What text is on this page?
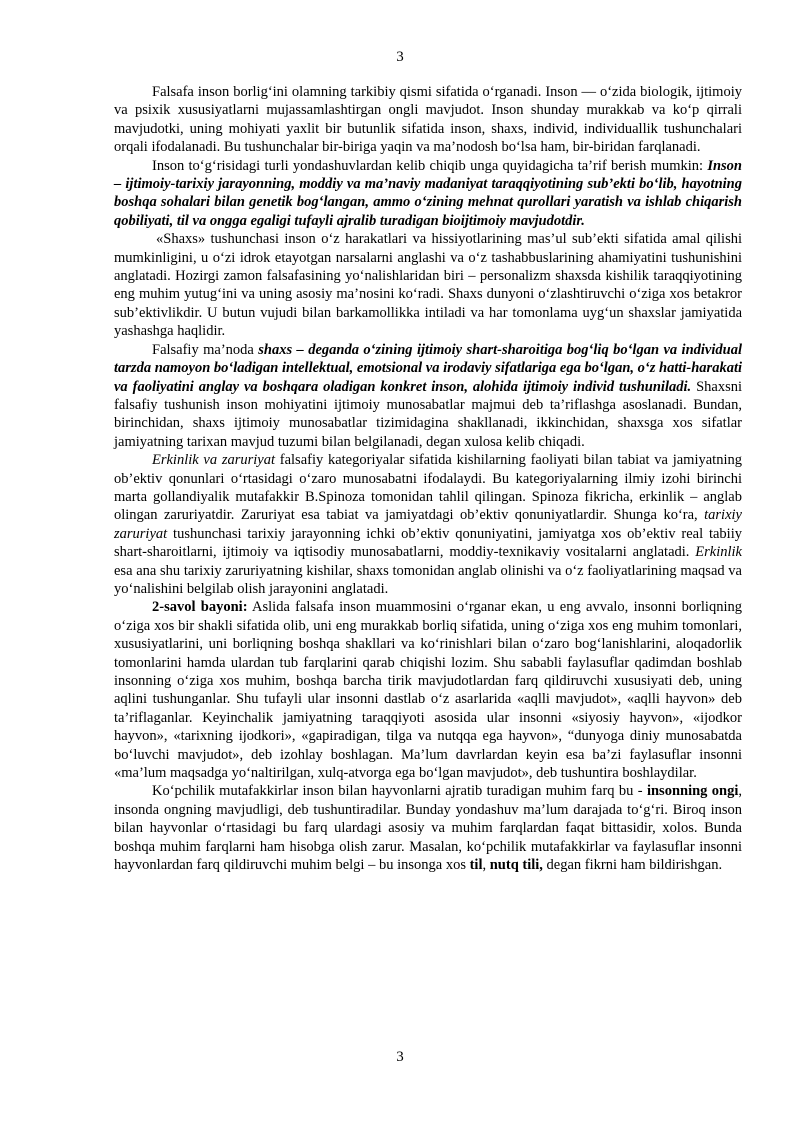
3

Falsafa inson borlig‘ini olamning tarkibiy qismi sifatida o‘rganadi. Inson — o‘zida biologik, ijtimoiy va psixik xususiyatlarni mujassamlashtirgan ongli mavjudot. Inson shunday murakkab va ko‘p qirrali mavjudotki, uning mohiyati yaxlit bir butunlik sifatida inson, shaxs, individ, individuallik tushunchalari orqali ifodalanadi. Bu tushunchalar bir-biriga yaqin va ma’nodosh bo‘lsa ham, bir-biridan farqlanadi.

Inson to‘g‘risidagi turli yondashuvlardan kelib chiqib unga quyidagicha ta’rif berish mumkin: Inson – ijtimoiy-tarixiy jarayonning, moddiy va ma’naviy madaniyat taraqqiyotining sub’ekti bo‘lib, hayotning boshqa sohalari bilan genetik bog‘langan, ammo o‘zining mehnat qurollari yaratish va ishlab chiqarish qobiliyati, til va ongga egaligi tufayli ajralib turadigan bioijtimoiy mavjudotdir.

«Shaxs» tushunchasi inson o‘z harakatlari va hissiyotlarining mas’ul sub’ekti sifatida amal qilishi mumkinligini, u o‘zi idrok etayotgan narsalarni anglashi va o‘z tashabbuslarining ahamiyatini tushunishini anglatadi. Hozirgi zamon falsafasining yo‘nalishlaridan biri – personalizm shaxsda kishilik taraqqiyotining eng muhim yutug‘ini va uning asosiy ma’nosini ko‘radi. Shaxs dunyoni o‘zlashtiruvchi o‘ziga xos betakror sub’ektivlikdir. U butun vujudi bilan barkamollikka intiladi va har tomonlama uyg‘un shaxslar jamiyatida yashashga haqlidir.

Falsafiy ma’noda shaxs – deganda o‘zining ijtimoiy shart-sharoitiga bog‘liq bo‘lgan va individual tarzda namoyon bo‘ladigan intellektual, emotsional va irodaviy sifatlariga ega bo‘lgan, o‘z hatti-harakati va faoliyatini anglay va boshqara oladigan konkret inson, alohida ijtimoiy individ tushuniladi. Shaxsni falsafiy tushunish inson mohiyatini ijtimoiy munosabatlar majmui deb ta’riflashga asoslanadi. Bundan, birinchidan, shaxs ijtimoiy munosabatlar tizimidagina shakllanadi, ikkinchidan, shaxsga xos sifatlar jamiyatning tarixan mavjud tuzumi bilan belgilanadi, degan xulosa kelib chiqadi.

Erkinlik va zaruriyat falsafiy kategoriyalar sifatida kishilarning faoliyati bilan tabiat va jamiyatning ob’ektiv qonunlari o‘rtasidagi o‘zaro munosabatni ifodalaydi. Bu kategoriyalarning ilmiy izohi birinchi marta gollandiyalik mutafakkir B.Spinoza tomonidan tahlil qilingan. Spinoza fikricha, erkinlik – anglab olingan zaruriyatdir. Zaruriyat esa tabiat va jamiyatdagi ob’ektiv qonuniyatlardir. Shunga ko‘ra, tarixiy zaruriyat tushunchasi tarixiy jarayonning ichki ob’ektiv qonuniyatini, jamiyatga xos ob’ektiv real tabiiy shart-sharoitlarni, ijtimoiy va iqtisodiy munosabatlarni, moddiy-texnikaviy vositalarni anglatadi. Erkinlik esa ana shu tarixiy zaruriyatning kishilar, shaxs tomonidan anglab olinishi va o‘z faoliyatlarining maqsad va yo‘nalishini belgilab olish jarayonini anglatadi.

2-savol bayoni: Aslida falsafa inson muammosini o‘rganar ekan, u eng avvalo, insonni borliqning o‘ziga xos bir shakli sifatida olib, uni eng murakkab borliq sifatida, uning o‘ziga xos eng muhim tomonlari, xususiyatlarini, uni borliqning boshqa shakllari va ko‘rinishlari bilan o‘zaro bog‘lanishlarini, aloqadorlik tomonlarini hamda ulardan tub farqlarini qarab chiqishi lozim. Shu sababli faylasuflar qadimdan boshlab insonning o‘ziga xos muhim, boshqa barcha tirik mavjudotlardan farq qildiruvchi xususiyati deb, uning aqlini tushunganlar. Shu tufayli ular insonni dastlab o‘z asarlarida «aqlli mavjudot», «aqlli hayvon» deb ta’riflaganlar. Keyinchalik jamiyatning taraqqiyoti asosida ular insonni «siyosiy hayvon», «ijodkor hayvon», «tarixning ijodkori», «gapiradigan, tilga va nutqqa ega hayvon», “dunyoga diniy munosabatda bo‘luvchi mavjudot», deb izohlay boshlagan. Ma’lum davrlardan keyin esa ba’zi faylasuflar insonni «ma’lum maqsadga yo‘naltirilgan, xulq-atvorga ega bo‘lgan mavjudot», deb tushuntira boshlaydilar.

Ko‘pchilik mutafakkirlar inson bilan hayvonlarni ajratib turadigan muhim farq bu - insonning ongi, insonda ongning mavjudligi, deb tushuntiradilar. Bunday yondashuv ma’lum darajada to‘g‘ri. Biroq inson bilan hayvonlar o‘rtasidagi bu farq ulardagi asosiy va muhim farqlardan faqat bittasidir, xolos. Bunda boshqa muhim farqlarni ham hisobga olish zarur. Masalan, ko‘pchilik mutafakkirlar va faylasuflar insonni hayvonlardan farq qildiruvchi muhim belgi – bu insonga xos til, nutq tili, degan fikrni ham bildirishgan.

3
